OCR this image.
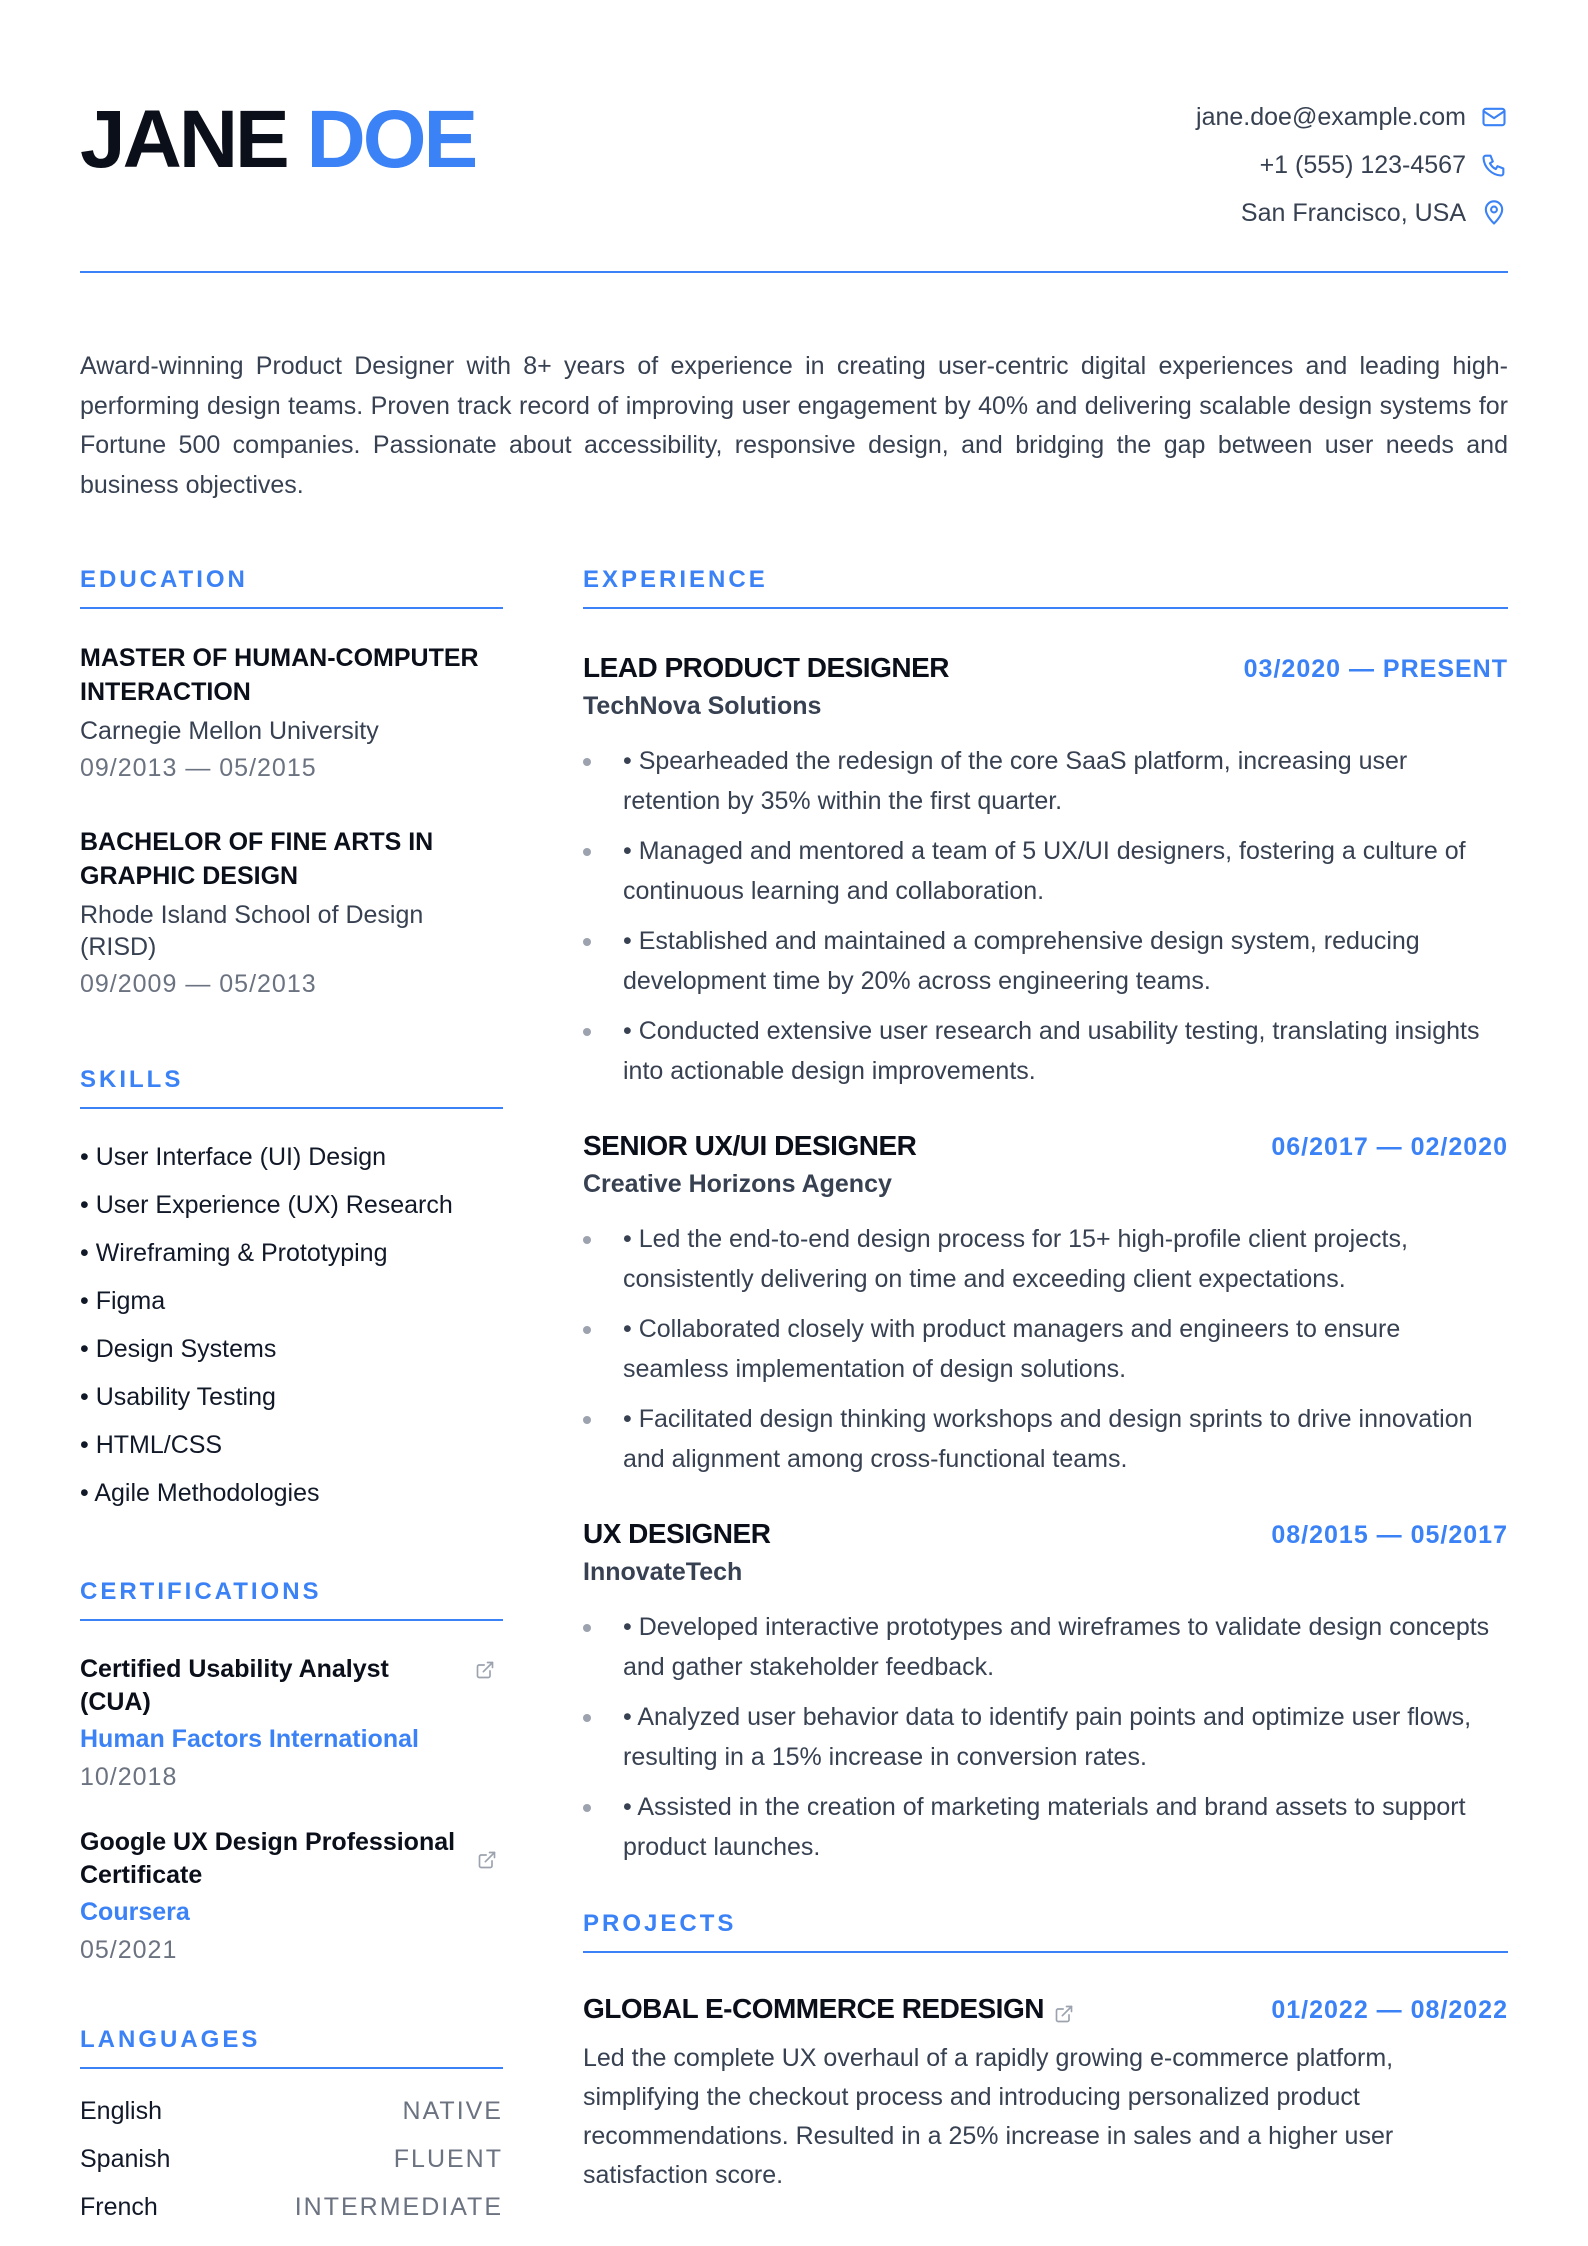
JANE DOE	jane.doe@example.com
+1 (555) 123-4567
San Francisco, USA

Award-winning Product Designer with 8+ years of experience in creating user-centric digital experiences and leading high-performing design teams. Proven track record of improving user engagement by 40% and delivering scalable design systems for Fortune 500 companies. Passionate about accessibility, responsive design, and bridging the gap between user needs and business objectives.

EDUCATION
MASTER OF HUMAN-COMPUTER INTERACTION
Carnegie Mellon University
09/2013 — 05/2015
BACHELOR OF FINE ARTS IN GRAPHIC DESIGN
Rhode Island School of Design (RISD)
09/2009 — 05/2013
SKILLS
• User Interface (UI) Design
• User Experience (UX) Research
• Wireframing & Prototyping
• Figma
• Design Systems
• Usability Testing
• HTML/CSS
• Agile Methodologies
CERTIFICATIONS
Certified Usability Analyst (CUA)
Human Factors International
10/2018
Google UX Design Professional Certificate
Coursera
05/2021
LANGUAGES
English	NATIVE
Spanish	FLUENT
French	INTERMEDIATE
EXPERIENCE
LEAD PRODUCT DESIGNER	03/2020 — PRESENT
TechNova Solutions
• Spearheaded the redesign of the core SaaS platform, increasing user retention by 35% within the first quarter.
• Managed and mentored a team of 5 UX/UI designers, fostering a culture of continuous learning and collaboration.
• Established and maintained a comprehensive design system, reducing development time by 20% across engineering teams.
• Conducted extensive user research and usability testing, translating insights into actionable design improvements.
SENIOR UX/UI DESIGNER	06/2017 — 02/2020
Creative Horizons Agency
• Led the end-to-end design process for 15+ high-profile client projects, consistently delivering on time and exceeding client expectations.
• Collaborated closely with product managers and engineers to ensure seamless implementation of design solutions.
• Facilitated design thinking workshops and design sprints to drive innovation and alignment among cross-functional teams.
UX DESIGNER	08/2015 — 05/2017
InnovateTech
• Developed interactive prototypes and wireframes to validate design concepts and gather stakeholder feedback.
• Analyzed user behavior data to identify pain points and optimize user flows, resulting in a 15% increase in conversion rates.
• Assisted in the creation of marketing materials and brand assets to support product launches.
PROJECTS
GLOBAL E-COMMERCE REDESIGN	01/2022 — 08/2022
Led the complete UX overhaul of a rapidly growing e-commerce platform, simplifying the checkout process and introducing personalized product recommendations. Resulted in a 25% increase in sales and a higher user satisfaction score.
